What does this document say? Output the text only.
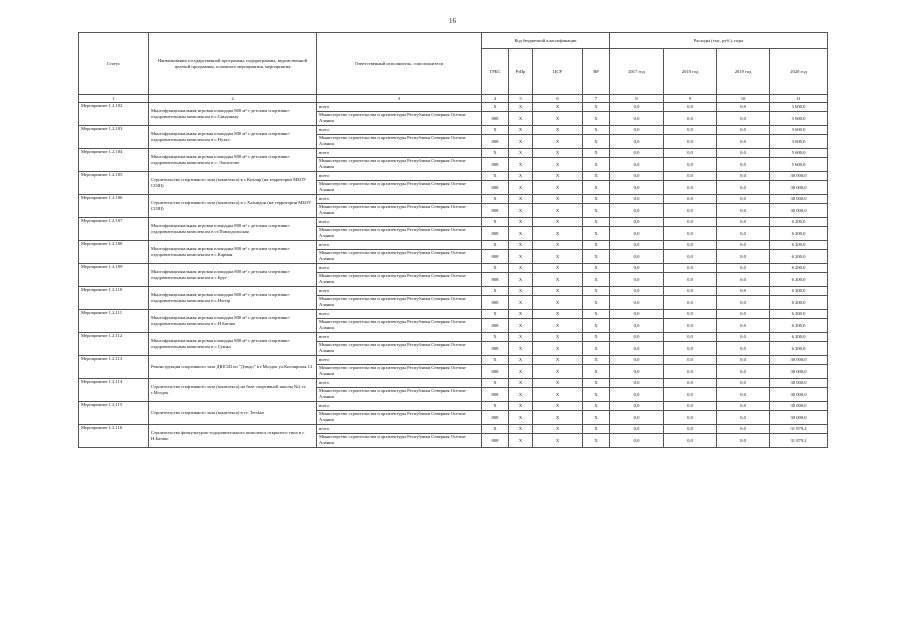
16
Статус	Наименования государственной программы, подпрограммы, ведомственной целевой программы, основного мероприятия, мероприятия	Ответственный исполнитель, соисполнители	Код бюджетной классификации				Расходы (тыс. руб.), годы			
			ГРБС	РзПр	ЦСР	ВР	2017 год	2018 год	2019 год	2020 год
1	2	3	4	5	6	7	8	9	10	11
Мероприятие 1.2.102	Многофункциональная игровая площадка 800 м² с детским спортивно-оздоровительным комплексом в с.Синдзикау	всего	X	X	X	X	0,0	0,0	0,0	3 600,0
		Министерство строительства и архитектуры Республики Северная Осетия-Алания	808	X	X	X	0,0	0,0	0,0	3 600,0
Мероприятие 1.2.103	Многофункциональная игровая площадка 800 м² с детским спортивно-оздоровительным комплексом в с.Нузал	всего	X	X	X	X	0,0	0,0	0,0	3 600,0
		Министерство строительства и архитектуры Республики Северная Осетия-Алания	808	X	X	X	0,0	0,0	0,0	3 600,0
Мероприятие 1.2.104	Многофункциональная игровая площадка 800 м² с детским спортивно-оздоровительным комплексом в с. Эльхотово	всего	X	X	X	X	0,0	0,0	0,0	5 600,0
		Министерство строительства и архитектуры Республики Северная Осетия-Алания	808	X	X	X	0,0	0,0	0,0	5 600,0
Мероприятие 1.2.105	Строительство спортивного зала (комплекса) в с.Кизляр (на территории МБОУ СОШ)	всего	X	X	X	X	0,0	0,0	0,0	30 000,0
		Министерство строительства и архитектуры Республики Северная Осетия-Алания	808	X	X	X	0,0	0,0	0,0	30 000,0
Мероприятие 1.2.106	Строительство спортивного зала (комплекса) в с.Хазнидон (на территории МБОУ СОШ)	всего	X	X	X	X	0,0	0,0	0,0	30 000,0
		Министерство строительства и архитектуры Республики Северная Осетия-Алания	808	X	X	X	0,0	0,0	0,0	30 000,0
Мероприятие 1.2.107	Многофункциональная игровая площадка 800 м² с детским спортивно-оздоровительным комплексом в ст.Павлодольская	всего	X	X	X	X	0,0	0,0	0,0	6 200,0
		Министерство строительства и архитектуры Республики Северная Осетия-Алания	808	X	X	X	0,0	0,0	0,0	6 200,0
Мероприятие 1.2.108	Многофункциональная игровая площадка 800 м² с детским спортивно-оздоровительным комплексом в с.Карман	всего	X	X	X	X	0,0	0,0	0,0	6 200,0
		Министерство строительства и архитектуры Республики Северная Осетия-Алания	808	X	X	X	0,0	0,0	0,0	6 200,0
Мероприятие 1.2.109	Многофункциональная игровая площадка 800 м² с детским спортивно-оздоровительным комплексом в с.Брут	всего	X	X	X	X	0,0	0,0	0,0	6 200,0
		Министерство строительства и архитектуры Республики Северная Осетия-Алания	808	X	X	X	0,0	0,0	0,0	6 200,0
Мероприятие 1.2.110	Многофункциональная игровая площадка 800 м² с детским спортивно-оздоровительным комплексом в с.Ногир	всего	X	X	X	X	0,0	0,0	0,0	6 200,0
		Министерство строительства и архитектуры Республики Северная Осетия-Алания	808	X	X	X	0,0	0,0	0,0	6 200,0
Мероприятие 1.2.111	Многофункциональная игровая площадка 800 м² с детским спортивно-оздоровительным комплексом в с.Н.Батако	всего	X	X	X	X	0,0	0,0	0,0	6 200,0
		Министерство строительства и архитектуры Республики Северная Осетия-Алания	808	X	X	X	0,0	0,0	0,0	6 200,0
Мероприятие 1.2.112	Многофункциональная игровая площадка 800 м² с детским спортивно-оздоровительным комплексом в с.Сунжа	всего	X	X	X	X	0,0	0,0	0,0	6 200,0
		Министерство строительства и архитектуры Республики Северная Осетия-Алания	808	X	X	X	0,0	0,0	0,0	6 200,0
Мероприятие 1.2.113	Реконструкция спортивного зала ДЮСШ по "Дзюдо" в г.Моздок ул.Кизлярская 12	всего	X	X	X	X	0,0	0,0	0,0	30 000,0
		Министерство строительства и архитектуры Республики Северная Осетия-Алания	808	X	X	X	0,0	0,0	0,0	30 000,0
Мероприятие 1.2.114	Строительство спортивного зала (комплекса) на базе спортивной школы №2 ст. г.Моздок	всего	X	X	X	X	0,0	0,0	0,0	30 000,0
		Министерство строительства и архитектуры Республики Северная Осетия-Алания	808	X	X	X	0,0	0,0	0,0	30 000,0
Мероприятие 1.2.115	Строительство спортивного зала (комплекса) в ст. Terskoe	всего	X	X	X	X	0,0	0,0	0,0	30 000,0
		Министерство строительства и архитектуры Республики Северная Осетия-Алания	808	X	X	X	0,0	0,0	0,0	30 000,0
Мероприятие 1.2.116	Строительство физкультурно-оздоровительного комплекса открытого типа в с. Н.Батако	всего	X	X	X	X	0,0	0,0	0,0	31 879,2
		Министерство строительства и архитектуры Республики Северная Осетия-Алания	808	X	X	X	0,0	0,0	0,0	31 879,2
